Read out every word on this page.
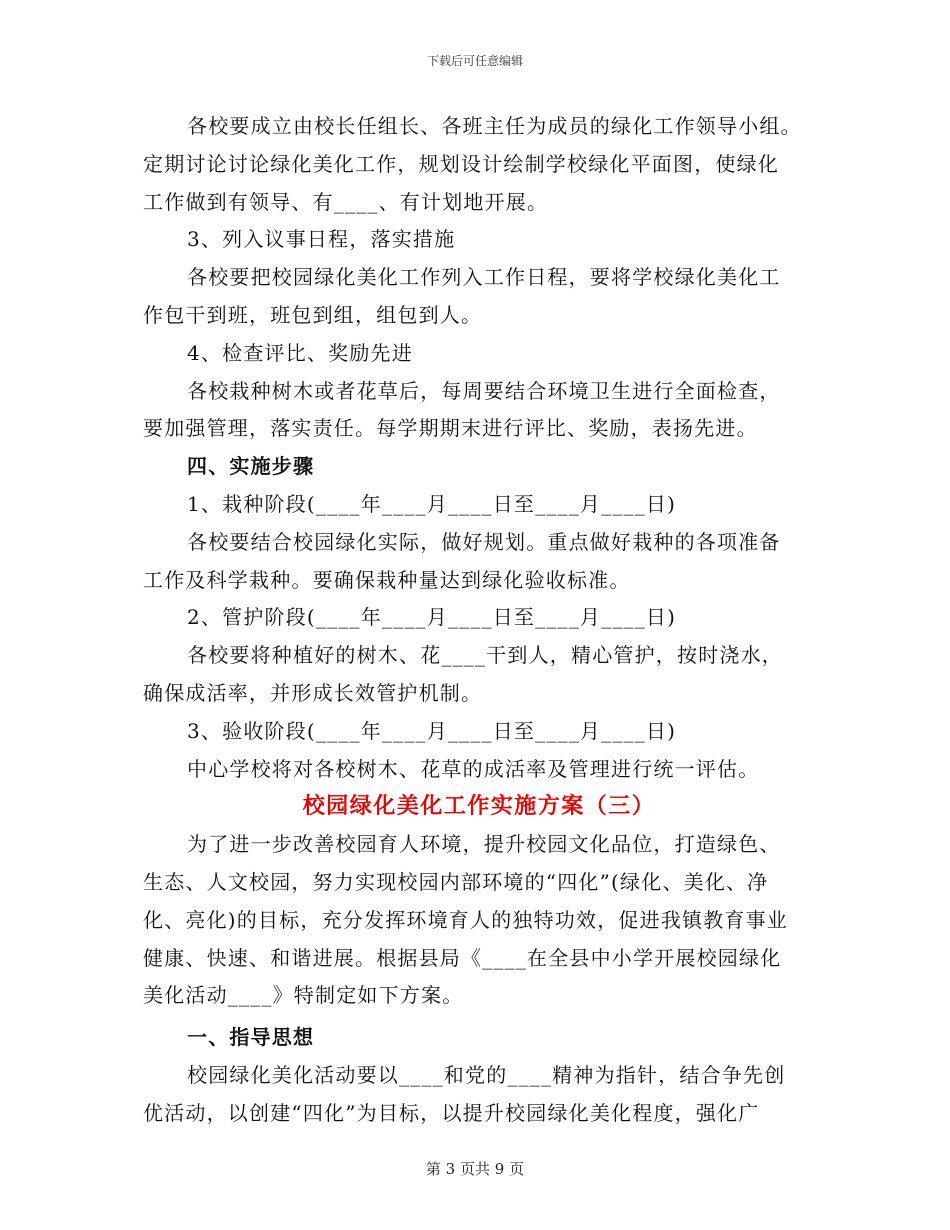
下载后可任意编辑

各校要成立由校长任组长、各班主任为成员的绿化工作领导小组。

定期讨论讨论绿化美化工作，规划设计绘制学校绿化平面图，使绿化

工作做到有领导、有____、有计划地开展。

3、列入议事日程，落实措施

各校要把校园绿化美化工作列入工作日程，要将学校绿化美化工

作包干到班，班包到组，组包到人。

4、检查评比、奖励先进

各校栽种树木或者花草后，每周要结合环境卫生进行全面检查，

要加强管理，落实责任。每学期期末进行评比、奖励，表扬先进。

四、实施步骤

1、栽种阶段(____年____月____日至____月____日)

各校要结合校园绿化实际，做好规划。重点做好栽种的各项准备

工作及科学栽种。要确保栽种量达到绿化验收标准。

2、管护阶段(____年____月____日至____月____日)

各校要将种植好的树木、花____干到人，精心管护，按时浇水，

确保成活率，并形成长效管护机制。

3、验收阶段(____年____月____日至____月____日)

中心学校将对各校树木、花草的成活率及管理进行统一评估。

校园绿化美化工作实施方案（三）

为了进一步改善校园育人环境，提升校园文化品位，打造绿色、

生态、人文校园，努力实现校园内部环境的“四化”(绿化、美化、净

化、亮化)的目标，充分发挥环境育人的独特功效，促进我镇教育事业

健康、快速、和谐进展。根据县局《____在全县中小学开展校园绿化

美化活动____》特制定如下方案。

一、指导思想

校园绿化美化活动要以____和党的____精神为指针，结合争先创

优活动，以创建“四化”为目标，以提升校园绿化美化程度，强化广

第 3 页共 9 页
